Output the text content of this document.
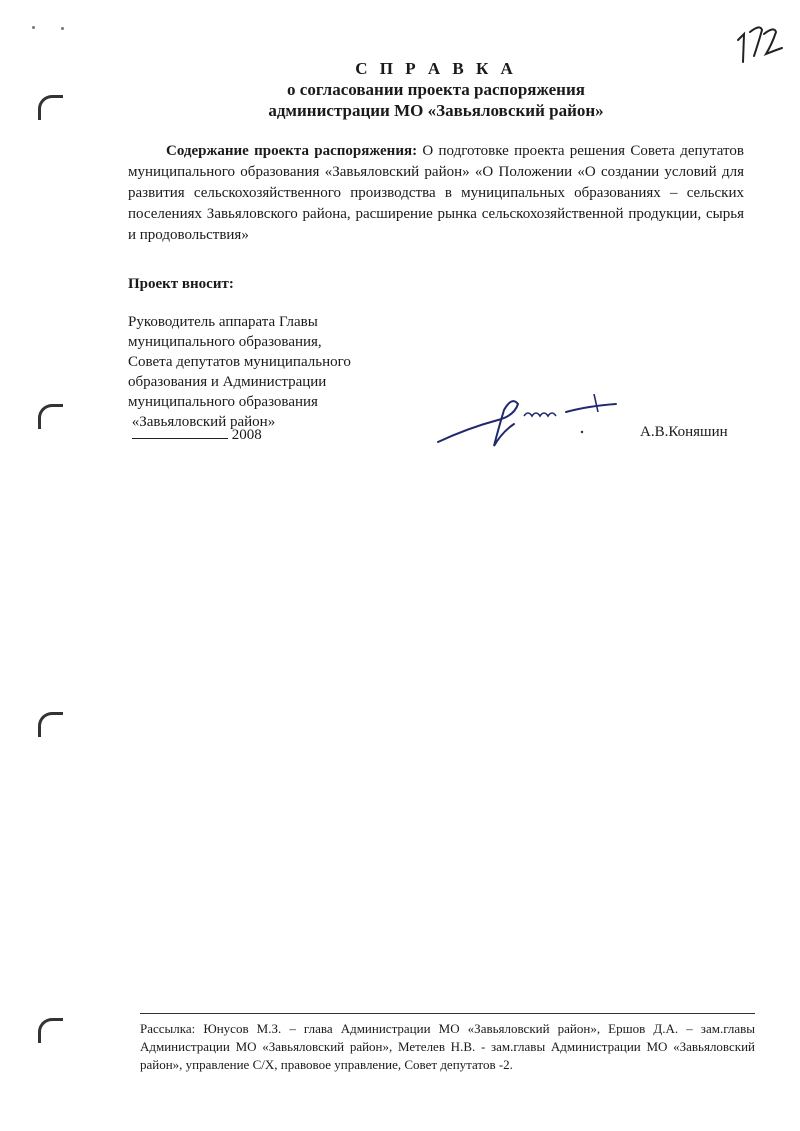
С П Р А В К А
о согласовании проекта распоряжения
администрации МО «Завьяловский район»
Содержание проекта распоряжения: О подготовке проекта решения Совета депутатов муниципального образования «Завьяловский район» «О Положении «О создании условий для развития сельскохозяйственного производства в муниципальных образованиях – сельских поселениях Завьяловского района, расширение рынка сельскохозяйственной продукции, сырья и продовольствия»
Проект вносит:
Руководитель аппарата Главы
муниципального образования,
Совета депутатов муниципального
образования и Администрации
муниципального образования
«Завьяловский район»
2008	А.В.Коняшин
Рассылка: Юнусов М.З. – глава Администрации МО «Завьяловский район», Ершов Д.А. – зам.главы Администрации МО «Завьяловский район», Метелев Н.В. - зам.главы Администрации МО «Завьяловский район», управление С/Х, правовое управление, Совет депутатов -2.
